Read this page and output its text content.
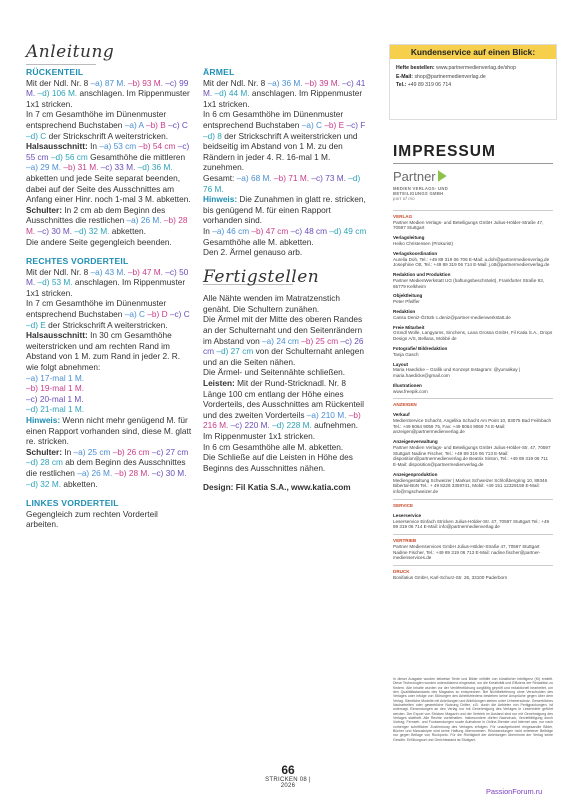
Anleitung

RÜCKENTEIL

Mit der Ndl. Nr. 8 –a) 87 M. –b) 93 M. –c) 99 M. –d) 106 M. anschlagen. Im Rippenmuster 1x1 stricken.

In 7 cm Gesamthöhe im Dünenmuster entsprechend Buchstaben –a) A –b) B –c) C –d) C der Strickschrift A weiterstricken.

Halsausschnitt: In –a) 53 cm –b) 54 cm –c) 55 cm –d) 56 cm Gesamthöhe die mittleren –a) 29 M. –b) 31 M. –c) 33 M. –d) 36 M. abketten und jede Seite separat beenden, dabei auf der Seite des Ausschnittes am Anfang einer Hinr. noch 1-mal 3 M. abketten.

Schulter: In 2 cm ab dem Beginn des Ausschnittes die restlichen –a) 26 M. –b) 28 M. –c) 30 M. –d) 32 M. abketten.

Die andere Seite gegengleich beenden.

RECHTES VORDERTEIL

Mit der Ndl. Nr. 8 –a) 43 M. –b) 47 M. –c) 50 M. –d) 53 M. anschlagen. Im Rippenmuster 1x1 stricken.

In 7 cm Gesamthöhe im Dünenmuster entsprechend Buchstaben –a) C –b) D –c) C –d) E der Strickschrift A weiterstricken.

Halsausschnitt: In 30 cm Gesamthöhe weiterstricken und am rechten Rand im Abstand von 1 M. zum Rand in jeder 2. R. wie folgt abnehmen:

–a) 17-mal 1 M.

–b) 19-mal 1 M.

–c) 20-mal 1 M.

–d) 21-mal 1 M.

Hinweis: Wenn nicht mehr genügend M. für einen Rapport vorhanden sind, diese M. glatt re. stricken.

Schulter: In –a) 25 cm –b) 26 cm –c) 27 cm –d) 28 cm ab dem Beginn des Ausschnittes die restlichen –a) 26 M. –b) 28 M. –c) 30 M. –d) 32 M. abketten.

LINKES VORDERTEIL

Gegengleich zum rechten Vorderteil arbeiten.

ÄRMEL

Mit der Ndl. Nr. 8 –a) 36 M. –b) 39 M. –c) 41 M. –d) 44 M. anschlagen. Im Rippenmuster 1x1 stricken.

In 6 cm Gesamthöhe im Dünenmuster entsprechend Buchstaben –a) C –b) E –c) F –d) 8 der Strickschrift A weiterstricken und beidseitig im Abstand von 1 M. zu den Rändern in jeder 4. R. 16-mal 1 M. zunehmen.

Gesamt: –a) 68 M. –b) 71 M. –c) 73 M. –d) 76 M.

Hinweis: Die Zunahmen in glatt re. stricken, bis genügend M. für einen Rapport vorhanden sind.

In –a) 46 cm –b) 47 cm –c) 48 cm –d) 49 cm Gesamthöhe alle M. abketten.

Den 2. Ärmel genauso arb.

Fertigstellen

Alle Nähte wenden im Matratzenstich genäht. Die Schultern zunähen.

Die Ärmel mit der Mitte des oberen Randes an der Schulternaht und den Seitenrändern im Abstand von –a) 24 cm –b) 25 cm –c) 26 cm –d) 27 cm von der Schulternaht anlegen und an die Seiten nähen.

Die Ärmel- und Seitennähte schließen.

Leisten: Mit der Rund-Stricknadl. Nr. 8 Länge 100 cm entlang der Höhe eines Vorderteils, des Ausschnittes am Rückenteil und des zweiten Vorderteils –a) 210 M. –b) 216 M. –c) 220 M. –d) 228 M. aufnehmen. Im Rippenmuster 1x1 stricken.

In 6 cm Gesamthöhe alle M. abketten.

Die Schließe auf die Leisten in Höhe des Beginns des Ausschnittes nähen.

Design: Fil Katia S.A., www.katia.com

Kundenservice auf einen Blick:
Hefte bestellen: www.partnermedienverlag.de/shop
E-Mail: shop@partnermedienverlag.de
Tel.: +49 89 319 06 714
IMPRESSUM
Partner
MEDIEN VERLAGS- UND BETEILIGUNGS GMBH
part of mo
VERLAG
Partner Medien Verlags- und Beteiligungs GmbH Julius-Hölder-Straße 47, 70597 Stuttgart
Verlagsleitung
Heiko Christensen (Prokurist)
Verlagskoordination
Aurelia Doh, Tel.: +49 89 319 06 706 E-Mail: a.doh@partnermedienverlag.de Josephine Ott, Tel.: +49 89 319 06 714 E-Mail: j.ott@partnermedienverlag.de
Redaktion und Produktion
Partner MedienWerkstatt UG (haftungsbeschränkt), Frankfurter Straße 93, 65779 Kelkheim
Objektleitung
Peter Pfeiffer
Redaktion
Cansu Deniz-Öztürk c.deniz@partner-medienwerkstatt.de
Freie Mitarbeit
Gründl Wolle, Langyarns, Sinchens, Lana Grossa GmbH, Fil Katia S.A., Drops Design A/S, Bellana, Mobbé de
Fotografie/ Bildredaktion
Tanja Gasch
Layout
Maria Haedicke – Grafik und Konzept Instagram: @yumalkay | maria.haedicke@gmail.com
Illustrationen
www.freepik.com
ANZEIGEN
Verkauf
MedienService Schacht, Angelika Schacht Am Point 10, 83075 Bad Feilnbach Tel.: +49 8064 9059 75, Fax: +49 8064 9059 74 E-Mail: anzeigen@partnermedienverlag.de
Anzeigenverwaltung
Partner Medien Verlags- und Beteiligungs GmbH Julius-Hölder-Str. 47, 70597 Stuttgart Nadine Fischer, Tel.: +49 89 319 06 713 E-Mail: disposition@partnermedienverlag.de Beatrix Sinton, Tel.: +49 89 319 06 711 E-Mail: disposition@partnermedienverlag.de
Anzeigenproduktion
Mediengestaltung Schweizer | Markus Schweizer Schloßbergring 10, 89346 Bibertal-BüN Tel.: + 49 8226 3359741, Mobil: +49 151 12329159 E-Mail: info@mgschweizer.de
SERVICE
Leserservice
Leserservice Einfach Stricken Julius-Hölder-Str. 47, 70597 Stuttgart Tel.: +49 89 319 06 714 E-Mail: info@partnermedienverlag.de
VERTRIEB
Partner Medienservices GmbH Julius-Hölder-Straße 47, 70597 Stuttgart Nadine Fischer, Tel.: +49 89 319 06 713 E-Mail: nadine.fischer@partner-medienservices.de
DRUCK
Bonifatius GmbH, Karl-Schurz-Str. 26, 33100 Paderborn
In dieser Ausgabe wurden teilweise Texte und Bilder mithilfe von künstlicher Intelligenz (KI) erstellt. Diese Technologien wurden unterstützend eingesetzt, um die Kreativität und Effizienz der Redaktion zu fördern. Alle Inhalte wurden vor der Veröffentlichung sorgfältig geprüft und redaktionell bearbeitet, um den Qualitätsstandards des Magazins zu entsprechen. Bei Nichtbelieferung ohne Verschulden des Verlages oder infolge von Störungen des Arbeitsfriedens bestehen keine Ansprüche gegen über dem Verlag. Sämtliche Modelle mit Anleitungen und Abbildungen stehen unter Urheberschutz. Gewerbliches Nacharbeiten oder gewerbliche Nutzung Dritter, z.B. durch die Anbieter von Fertigpackungen, ist untersagt. Einsendungen an den Verlag nur mit Genehmigung des Verlages in Leserbriefe geführt werden. Der Export von Stricken Magazin und der Vertrieb im Ausland sind nur mit Genehmigung des Verlages statthaft. Alle Rechte vorbehalten. Insbesondere dürfen Nachdruck, Vervielfältigung durch Vortrag, Fernseh- und Funksendungen sowie Aufnahme in Online-Dienste und Internet usw. nur nach vorheriger schriftlicher Zustimmung des Verlages erfolgen. Für unaufgefordert eingesandte Bilder, Bücher und Manuskripte wird keine Haftung übernommen. Rücksendungen nicht erbetener Beiträge nur gegen Beilage von Rückporto. Für die Richtigkeit der Anleitungen übernimmt der Verlag keine Gewähr. Erfüllungsort und Gerichtsstand ist Stuttgart.
66
STRICKEN 08 | 2026
PassionForum.ru
